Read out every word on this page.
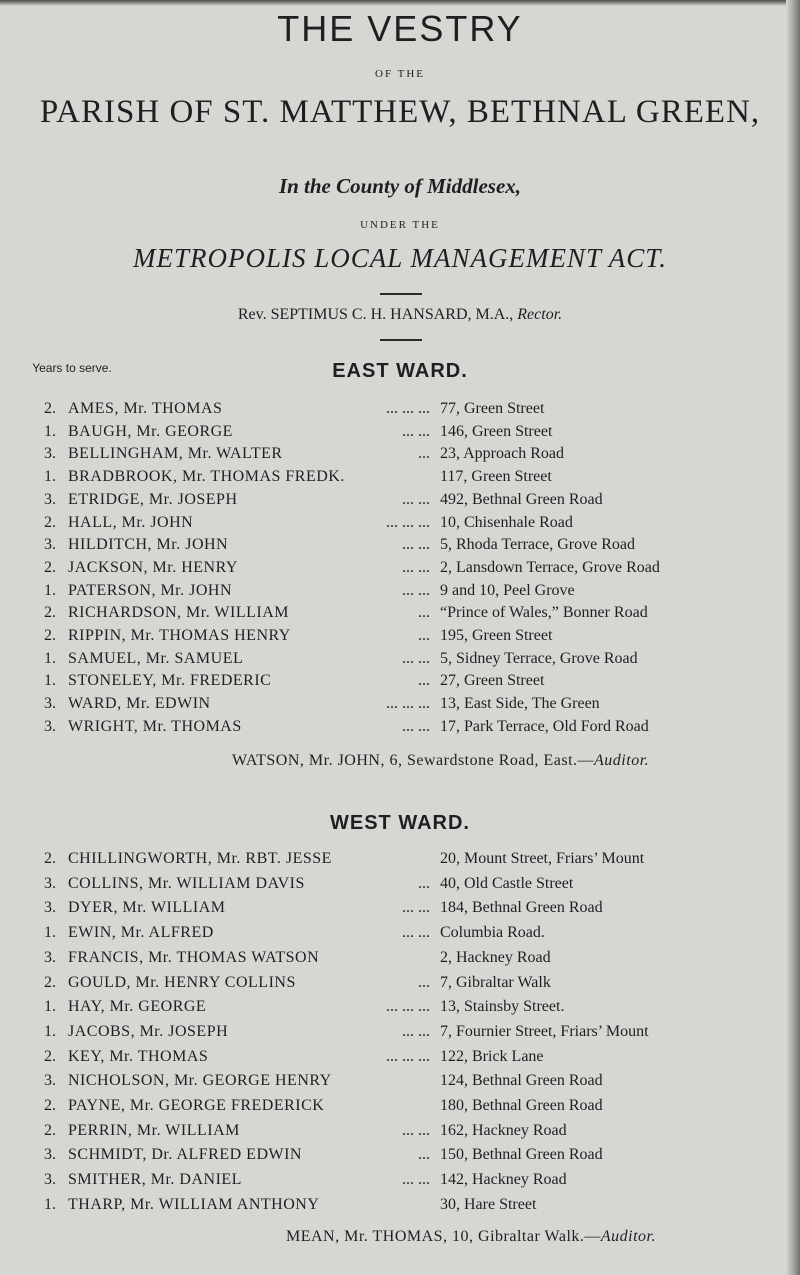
THE VESTRY
OF THE
PARISH OF ST. MATTHEW, BETHNAL GREEN,
In the County of Middlesex,
UNDER THE
METROPOLIS LOCAL MANAGEMENT ACT.
Rev. SEPTIMUS C. H. HANSARD, M.A., Rector.
Years to serve.	EAST WARD.
2. AMES, Mr. THOMAS	... ... ... 77, Green Street
1. BAUGH, Mr. GEORGE	... ... 146, Green Street
3. BELLINGHAM, Mr. WALTER	... 23, Approach Road
1. BRADBROOK, Mr. THOMAS FREDK.	117, Green Street
3. ETRIDGE, Mr. JOSEPH	... ... 492, Bethnal Green Road
2. HALL, Mr. JOHN	... ... ... 10, Chisenhale Road
3. HILDITCH, Mr. JOHN	... ... 5, Rhoda Terrace, Grove Road
2. JACKSON, Mr. HENRY	... ... 2, Lansdown Terrace, Grove Road
1. PATERSON, Mr. JOHN	... ... 9 and 10, Peel Grove
2. RICHARDSON, Mr. WILLIAM	... “Prince of Wales,” Bonner Road
2. RIPPIN, Mr. THOMAS HENRY	... 195, Green Street
1. SAMUEL, Mr. SAMUEL	... ... 5, Sidney Terrace, Grove Road
1. STONELEY, Mr. FREDERIC	... 27, Green Street
3. WARD, Mr. EDWIN	... ... ... 13, East Side, The Green
3. WRIGHT, Mr. THOMAS	... ... 17, Park Terrace, Old Ford Road
WATSON, Mr. JOHN, 6, Sewardstone Road, East.—Auditor.
WEST WARD.
2. CHILLINGWORTH, Mr. RBT. JESSE	20, Mount Street, Friars’ Mount
3. COLLINS, Mr. WILLIAM DAVIS	... 40, Old Castle Street
3. DYER, Mr. WILLIAM	... ... 184, Bethnal Green Road
1. EWIN, Mr. ALFRED	... ... Columbia Road.
3. FRANCIS, Mr. THOMAS WATSON	2, Hackney Road
2. GOULD, Mr. HENRY COLLINS	... 7, Gibraltar Walk
1. HAY, Mr. GEORGE	... ... ... 13, Stainsby Street.
1. JACOBS, Mr. JOSEPH	... ... 7, Fournier Street, Friars’ Mount
2. KEY, Mr. THOMAS	... ... ... 122, Brick Lane
3. NICHOLSON, Mr. GEORGE HENRY	124, Bethnal Green Road
2. PAYNE, Mr. GEORGE FREDERICK	180, Bethnal Green Road
2. PERRIN, Mr. WILLIAM	... ... 162, Hackney Road
3. SCHMIDT, Dr. ALFRED EDWIN	... 150, Bethnal Green Road
3. SMITHER, Mr. DANIEL	... ... 142, Hackney Road
1. THARP, Mr. WILLIAM ANTHONY	30, Hare Street
MEAN, Mr. THOMAS, 10, Gibraltar Walk.—Auditor.
